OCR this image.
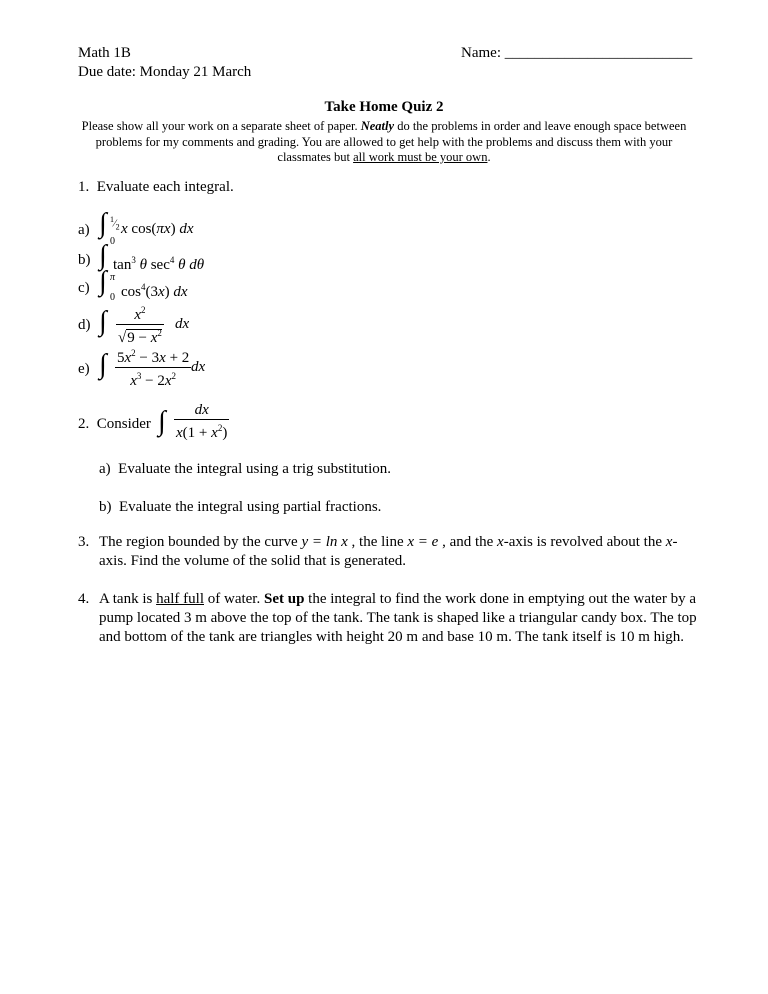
Math 1B
Due date: Monday 21 March
Name: _________________________
Take Home Quiz 2
Please show all your work on a separate sheet of paper. Neatly do the problems in order and leave enough space between problems for my comments and grading. You are allowed to get help with the problems and discuss them with your classmates but all work must be your own.
1.  Evaluate each integral.
a) ∫ $^1⁄_2$
0
x cos(πx) dx
b) ∫ $\tan^3 \theta$ $\sec^4 \theta$ dθ
c) ∫ π
0 $\cos^4(3x)$ dx
d) ∫ $\frac{x^2}{√9 - x^2}$ dx
e) ∫ $\frac{5x^2 - 3x + 2}{x^3 - 2x^2}$ dx
2.  Consider ∫ $\frac{dx}{x(1 + x^2)}$
a)  Evaluate the integral using a trig substitution.
b)  Evaluate the integral using partial fractions.
3. The region bounded by the curve y = ln x , the line x = e , and the x-axis is revolved about the x-axis. Find the volume of the solid that is generated.
4. A tank is half full of water. Set up the integral to find the work done in emptying out the water by a pump located 3 m above the top of the tank. The tank is shaped like a triangular candy box. The top and bottom of the tank are triangles with height 20 m and base 10 m. The tank itself is 10 m high.
